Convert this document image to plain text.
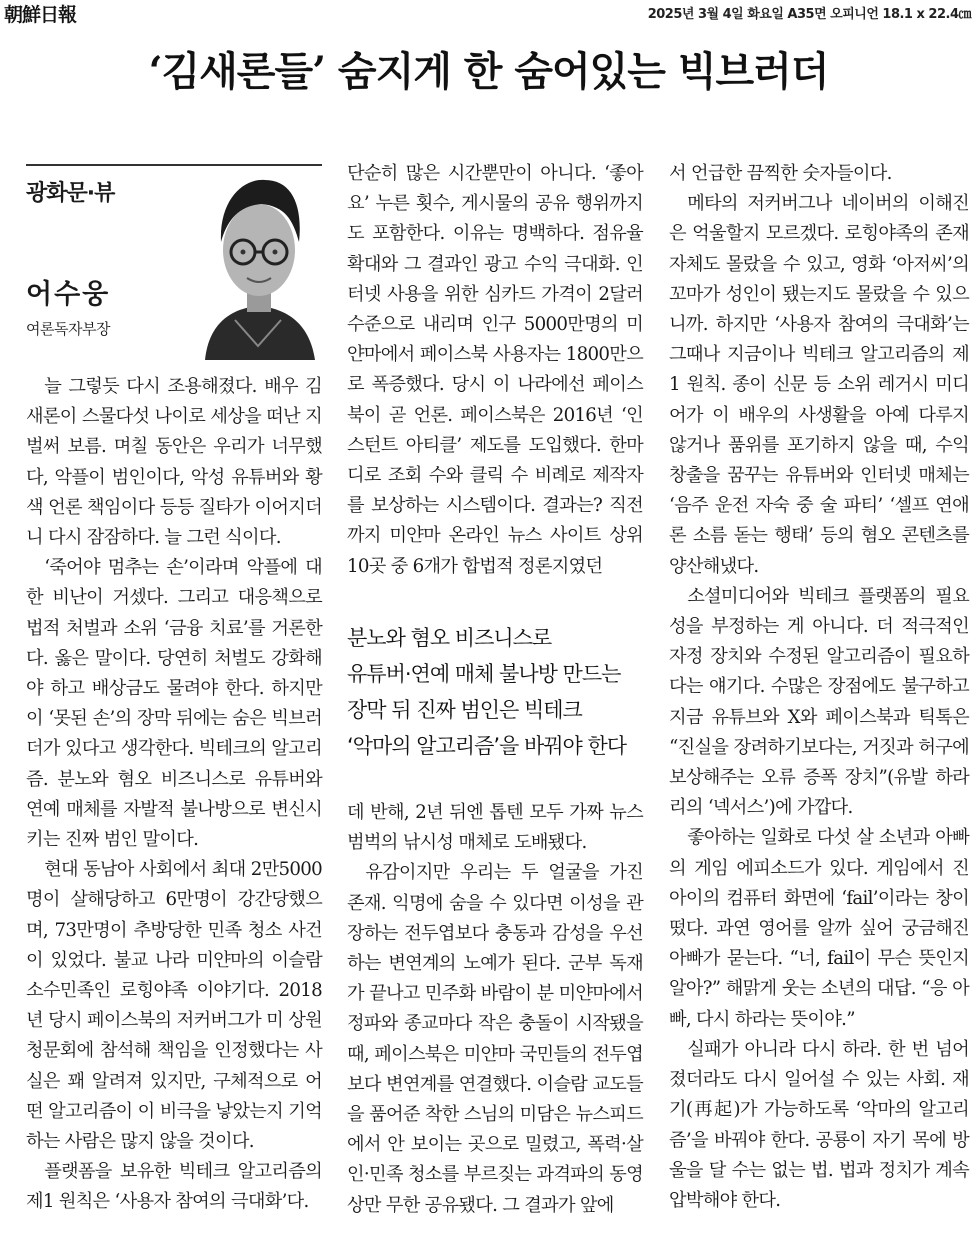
朝鮮日報	2025년 3월 4일 화요일 A35면 오피니언 18.1 x 22.4㎝
‘김새론들’ 숨지게 한 숨어있는 빅브러더
광화문·뷰
어수웅
여론독자부장

늘 그렇듯 다시 조용해졌다. 배우 김새론이 스물다섯 나이로 세상을 떠난 지 벌써 보름. 며칠 동안은 우리가 너무했다, 악플이 범인이다, 악성 유튜버와 황색 언론 책임이다 등등 질타가 이어지더니 다시 잠잠하다. 늘 그런 식이다.

‘죽어야 멈추는 손’이라며 악플에 대한 비난이 거셌다. 그리고 대응책으로 법적 처벌과 소위 ‘금융 치료’를 거론한다. 옳은 말이다. 당연히 처벌도 강화해야 하고 배상금도 물려야 한다. 하지만 이 ‘못된 손’의 장막 뒤에는 숨은 빅브러더가 있다고 생각한다. 빅테크의 알고리즘. 분노와 혐오 비즈니스로 유튜버와 연예 매체를 자발적 불나방으로 변신시키는 진짜 범인 말이다.

현대 동남아 사회에서 최대 2만5000명이 살해당하고 6만명이 강간당했으며, 73만명이 추방당한 민족 청소 사건이 있었다. 불교 나라 미얀마의 이슬람 소수민족인 로힝야족 이야기다. 2018년 당시 페이스북의 저커버그가 미 상원 청문회에 참석해 책임을 인정했다는 사실은 꽤 알려져 있지만, 구체적으로 어떤 알고리즘이 이 비극을 낳았는지 기억하는 사람은 많지 않을 것이다.

플랫폼을 보유한 빅테크 알고리즘의 제1 원칙은 ‘사용자 참여의 극대화’다.

단순히 많은 시간뿐만이 아니다. ‘좋아요’ 누른 횟수, 게시물의 공유 행위까지도 포함한다. 이유는 명백하다. 점유율 확대와 그 결과인 광고 수익 극대화. 인터넷 사용을 위한 심카드 가격이 2달러 수준으로 내리며 인구 5000만명의 미얀마에서 페이스북 사용자는 1800만으로 폭증했다. 당시 이 나라에선 페이스북이 곧 언론. 페이스북은 2016년 ‘인스턴트 아티클’ 제도를 도입했다. 한마디로 조회 수와 클릭 수 비례로 제작자를 보상하는 시스템이다. 결과는? 직전까지 미얀마 온라인 뉴스 사이트 상위 10곳 중 6개가 합법적 정론지였던

분노와 혐오 비즈니스로
유튜버·연예 매체 불나방 만드는
장막 뒤 진짜 범인은 빅테크
‘악마의 알고리즘’을 바꿔야 한다

데 반해, 2년 뒤엔 톱텐 모두 가짜 뉴스 범벅의 낚시성 매체로 도배됐다.

유감이지만 우리는 두 얼굴을 가진 존재. 익명에 숨을 수 있다면 이성을 관장하는 전두엽보다 충동과 감성을 우선하는 변연계의 노예가 된다. 군부 독재가 끝나고 민주화 바람이 분 미얀마에서 정파와 종교마다 작은 충돌이 시작됐을 때, 페이스북은 미얀마 국민들의 전두엽보다 변연계를 연결했다. 이슬람 교도들을 품어준 착한 스님의 미담은 뉴스피드에서 안 보이는 곳으로 밀렸고, 폭력·살인·민족 청소를 부르짖는 과격파의 동영상만 무한 공유됐다. 그 결과가 앞에

서 언급한 끔찍한 숫자들이다.

메타의 저커버그나 네이버의 이해진은 억울할지 모르겠다. 로힝야족의 존재 자체도 몰랐을 수 있고, 영화 ‘아저씨’의 꼬마가 성인이 됐는지도 몰랐을 수 있으니까. 하지만 ‘사용자 참여의 극대화’는 그때나 지금이나 빅테크 알고리즘의 제1 원칙. 종이 신문 등 소위 레거시 미디어가 이 배우의 사생활을 아예 다루지 않거나 품위를 포기하지 않을 때, 수익 창출을 꿈꾸는 유튜버와 인터넷 매체는 ‘음주 운전 자숙 중 술 파티’ ‘셀프 연애론 소름 돋는 행태’ 등의 혐오 콘텐츠를 양산해냈다.

소셜미디어와 빅테크 플랫폼의 필요성을 부정하는 게 아니다. 더 적극적인 자정 장치와 수정된 알고리즘이 필요하다는 얘기다. 수많은 장점에도 불구하고 지금 유튜브와 X와 페이스북과 틱톡은 “진실을 장려하기보다는, 거짓과 허구에 보상해주는 오류 증폭 장치”(유발 하라리의 ‘넥서스’)에 가깝다.

좋아하는 일화로 다섯 살 소년과 아빠의 게임 에피소드가 있다. 게임에서 진 아이의 컴퓨터 화면에 ‘fail’이라는 창이 떴다. 과연 영어를 알까 싶어 궁금해진 아빠가 묻는다. “너, fail이 무슨 뜻인지 알아?” 해맑게 웃는 소년의 대답. “응 아빠, 다시 하라는 뜻이야.”

실패가 아니라 다시 하라. 한 번 넘어졌더라도 다시 일어설 수 있는 사회. 재기(再起)가 가능하도록 ‘악마의 알고리즘’을 바꿔야 한다. 공룡이 자기 목에 방울을 달 수는 없는 법. 법과 정치가 계속 압박해야 한다.
